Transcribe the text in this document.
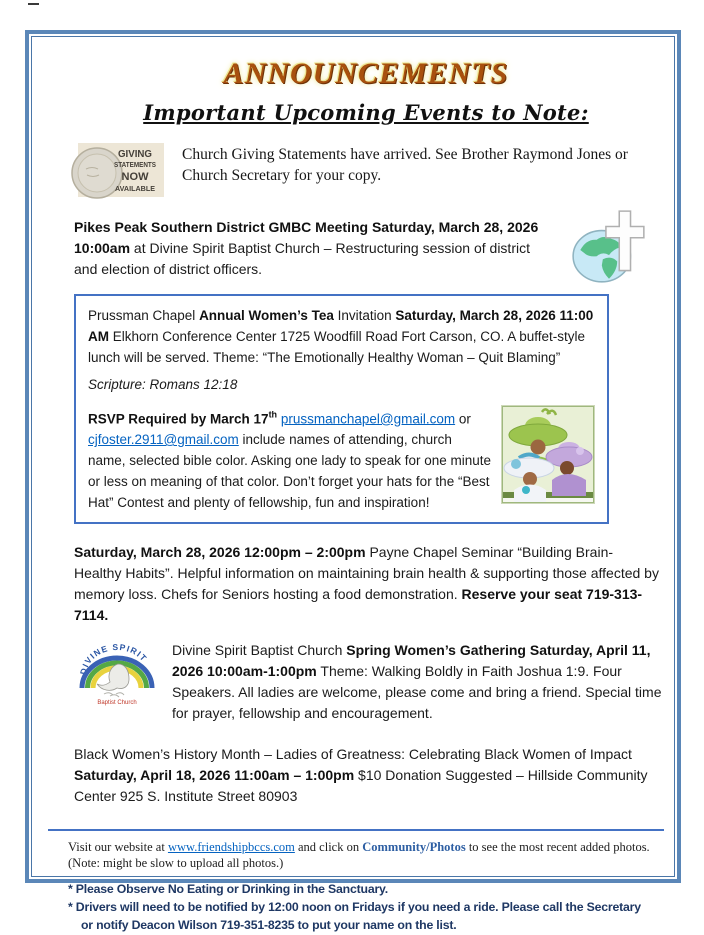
ANNOUNCEMENTS
Important Upcoming Events to Note:
GIVING
STATEMENTS
NOW
AVAILABLE

Church Giving Statements have arrived. See Brother Raymond Jones or Church Secretary for your copy.

Pikes Peak Southern District GMBC Meeting Saturday, March 28, 2026 10:00am at Divine Spirit Baptist Church – Restructuring session of district and election of district officers.

Prussman Chapel Annual Women’s Tea Invitation Saturday, March 28, 2026 11:00 AM Elkhorn Conference Center 1725 Woodfill Road Fort Carson, CO. A buffet-style lunch will be served. Theme: “The Emotionally Healthy Woman – Quit Blaming”

Scripture: Romans 12:18

RSVP Required by March 17th prussmanchapel@gmail.com or cjfoster.2911@gmail.com include names of attending, church name, selected bible color. Asking one lady to speak for one minute or less on meaning of that color. Don’t forget your hats for the “Best Hat” Contest and plenty of fellowship, fun and inspiration!

Saturday, March 28, 2026 12:00pm – 2:00pm Payne Chapel Seminar “Building Brain-Healthy Habits”. Helpful information on maintaining brain health & supporting those affected by memory loss. Chefs for Seniors hosting a food demonstration. Reserve your seat 719-313-7114.

DIVINE SPIRIT
Baptist Church

Divine Spirit Baptist Church Spring Women’s Gathering Saturday, April 11, 2026 10:00am-1:00pm Theme: Walking Boldly in Faith Joshua 1:9. Four Speakers. All ladies are welcome, please come and bring a friend. Special time for prayer, fellowship and encouragement.

Black Women’s History Month – Ladies of Greatness: Celebrating Black Women of Impact Saturday, April 18, 2026 11:00am – 1:00pm $10 Donation Suggested – Hillside Community Center 925 S. Institute Street 80903

Visit our website at www.friendshipbccs.com and click on Community/Photos to see the most recent added photos. (Note: might be slow to upload all photos.)

* Please Observe No Eating or Drinking in the Sanctuary.
* Drivers will need to be notified by 12:00 noon on Fridays if you need a ride. Please call the Secretary
or notify Deacon Wilson 719-351-8235 to put your name on the list.
